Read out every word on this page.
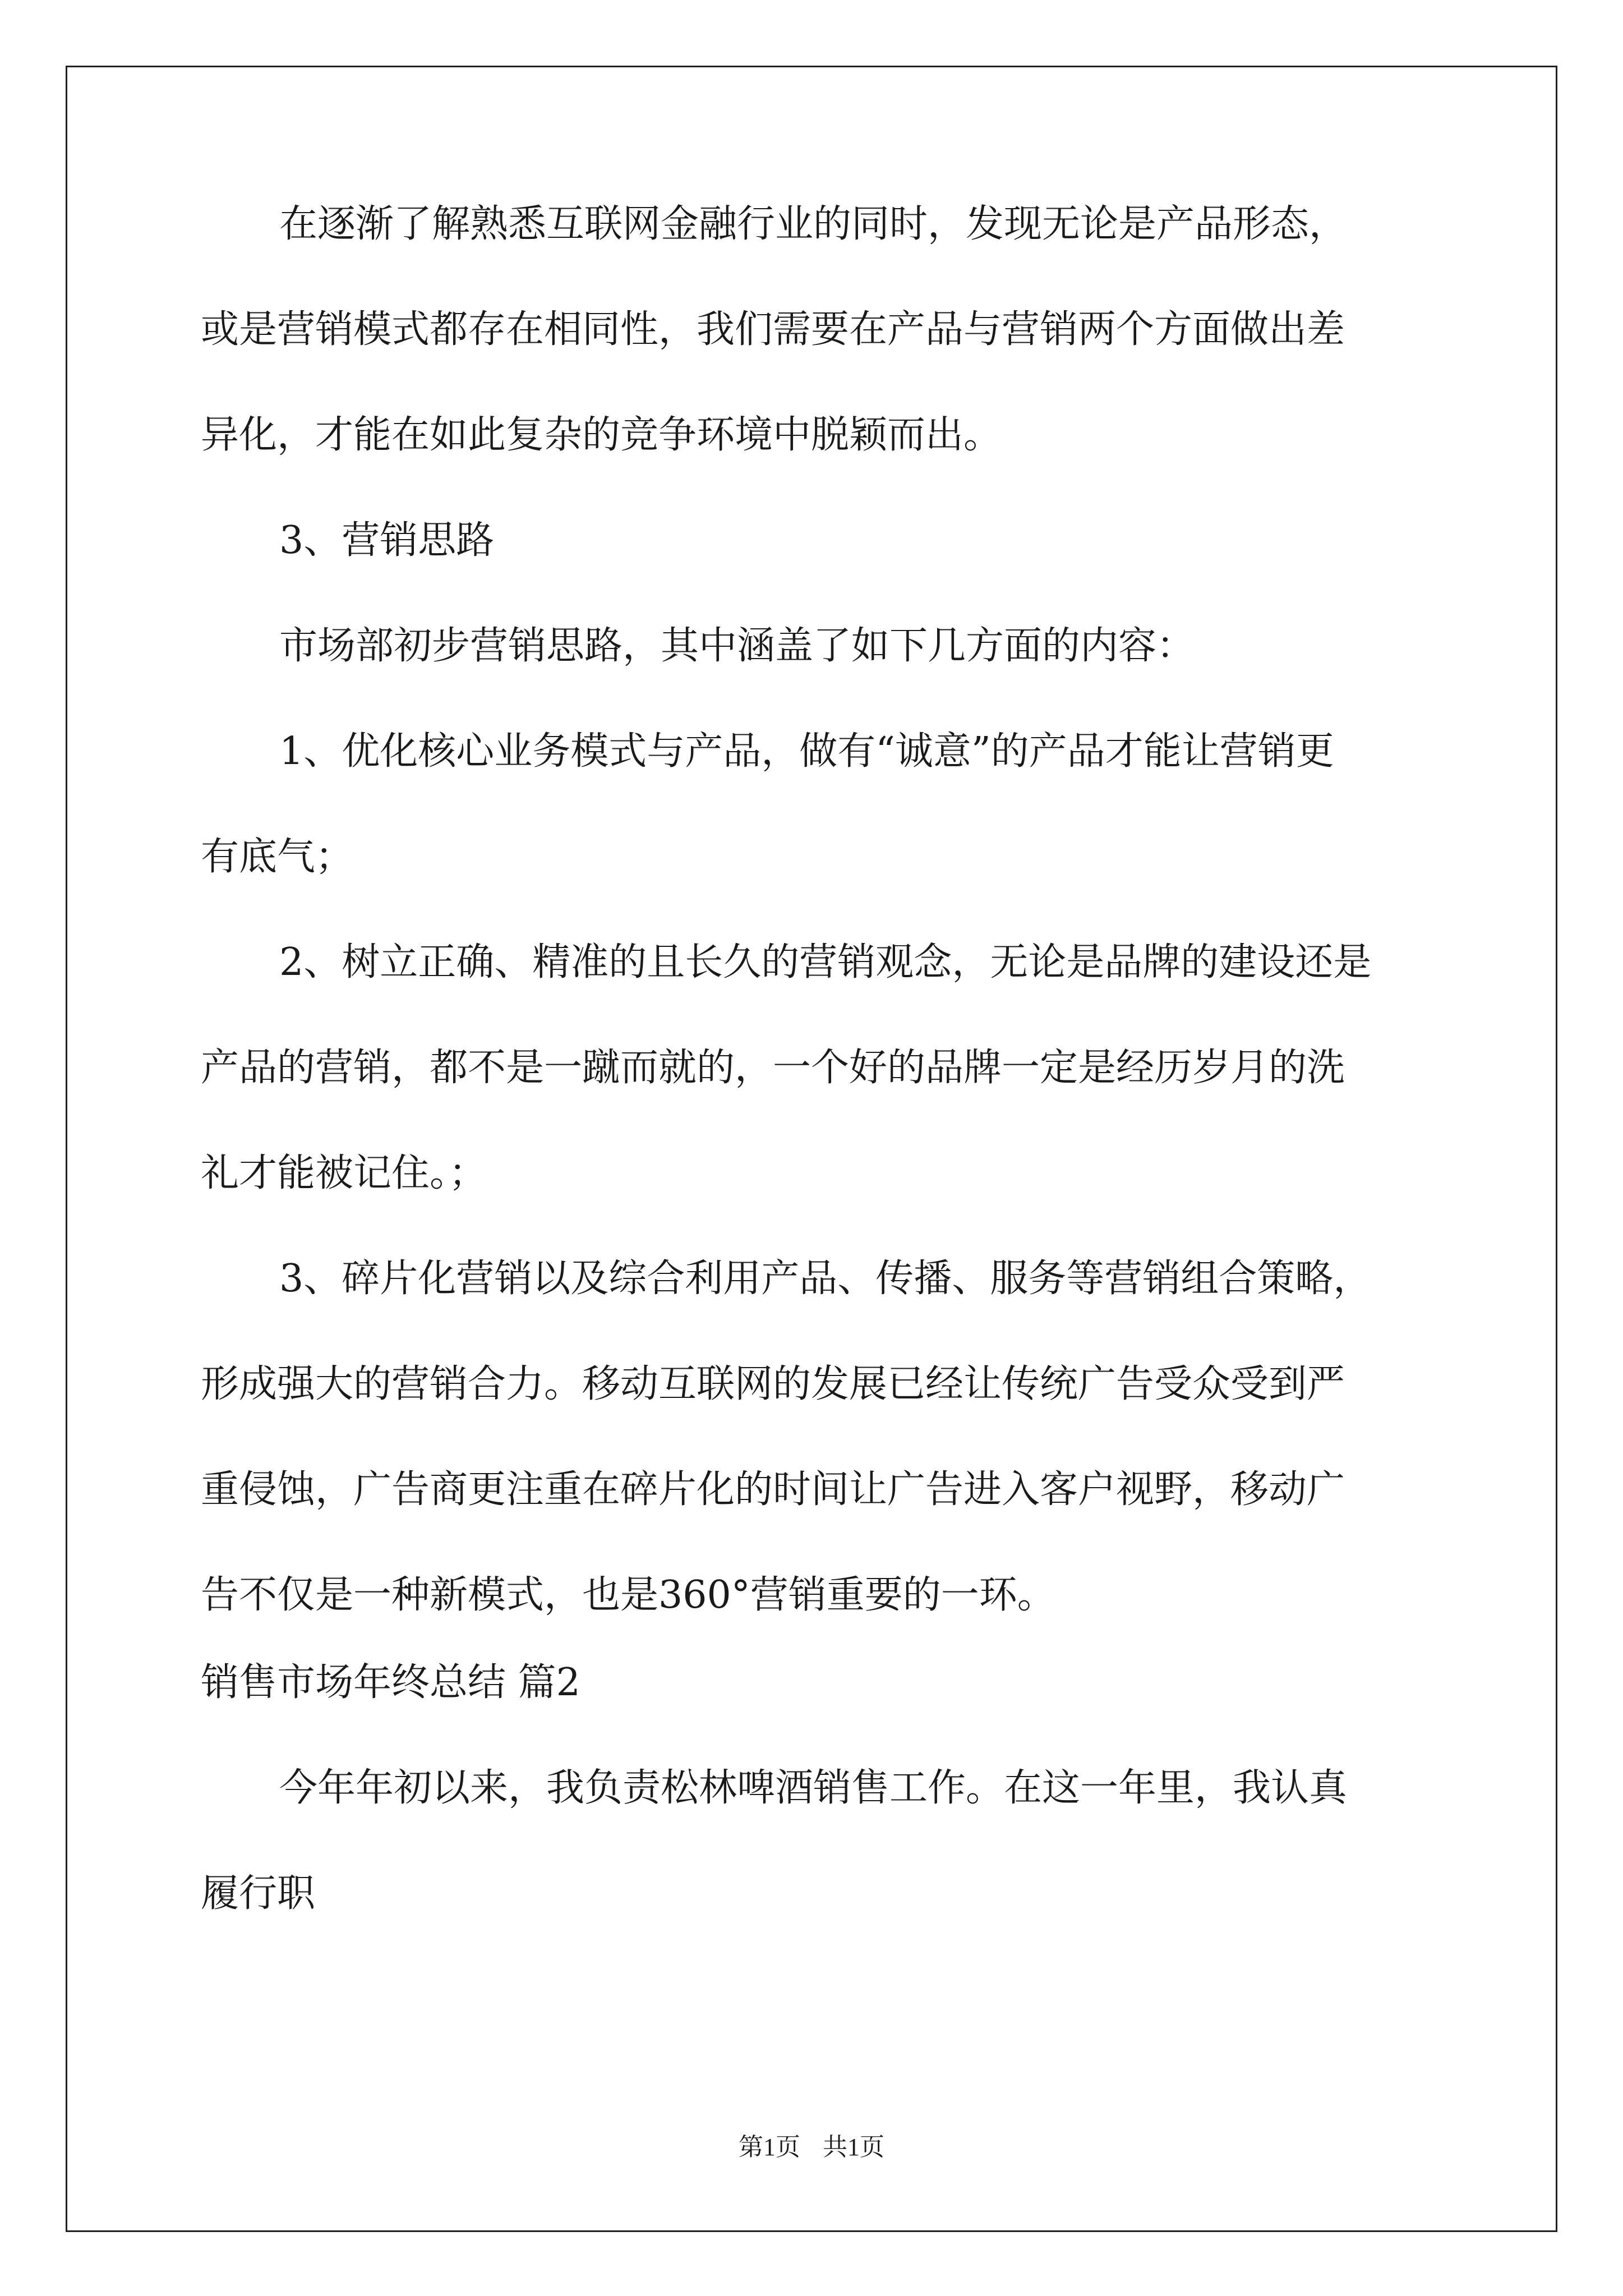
在逐渐了解熟悉互联网金融行业的同时，发现无论是产品形态，
或是营销模式都存在相同性，我们需要在产品与营销两个方面做出差
异化，才能在如此复杂的竞争环境中脱颖而出。
3、营销思路
市场部初步营销思路，其中涵盖了如下几方面的内容：
1、优化核心业务模式与产品，做有“诚意”的产品才能让营销更
有底气；
2、树立正确、精准的且长久的营销观念，无论是品牌的建设还是
产品的营销，都不是一蹴而就的，一个好的品牌一定是经历岁月的洗
礼才能被记住。；
3、碎片化营销以及综合利用产品、传播、服务等营销组合策略，
形成强大的营销合力。移动互联网的发展已经让传统广告受众受到严
重侵蚀，广告商更注重在碎片化的时间让广告进入客户视野，移动广
告不仅是一种新模式，也是360°营销重要的一环。
销售市场年终总结 篇2
今年年初以来，我负责松林啤酒销售工作。在这一年里，我认真
履行职
第1页 共1页
